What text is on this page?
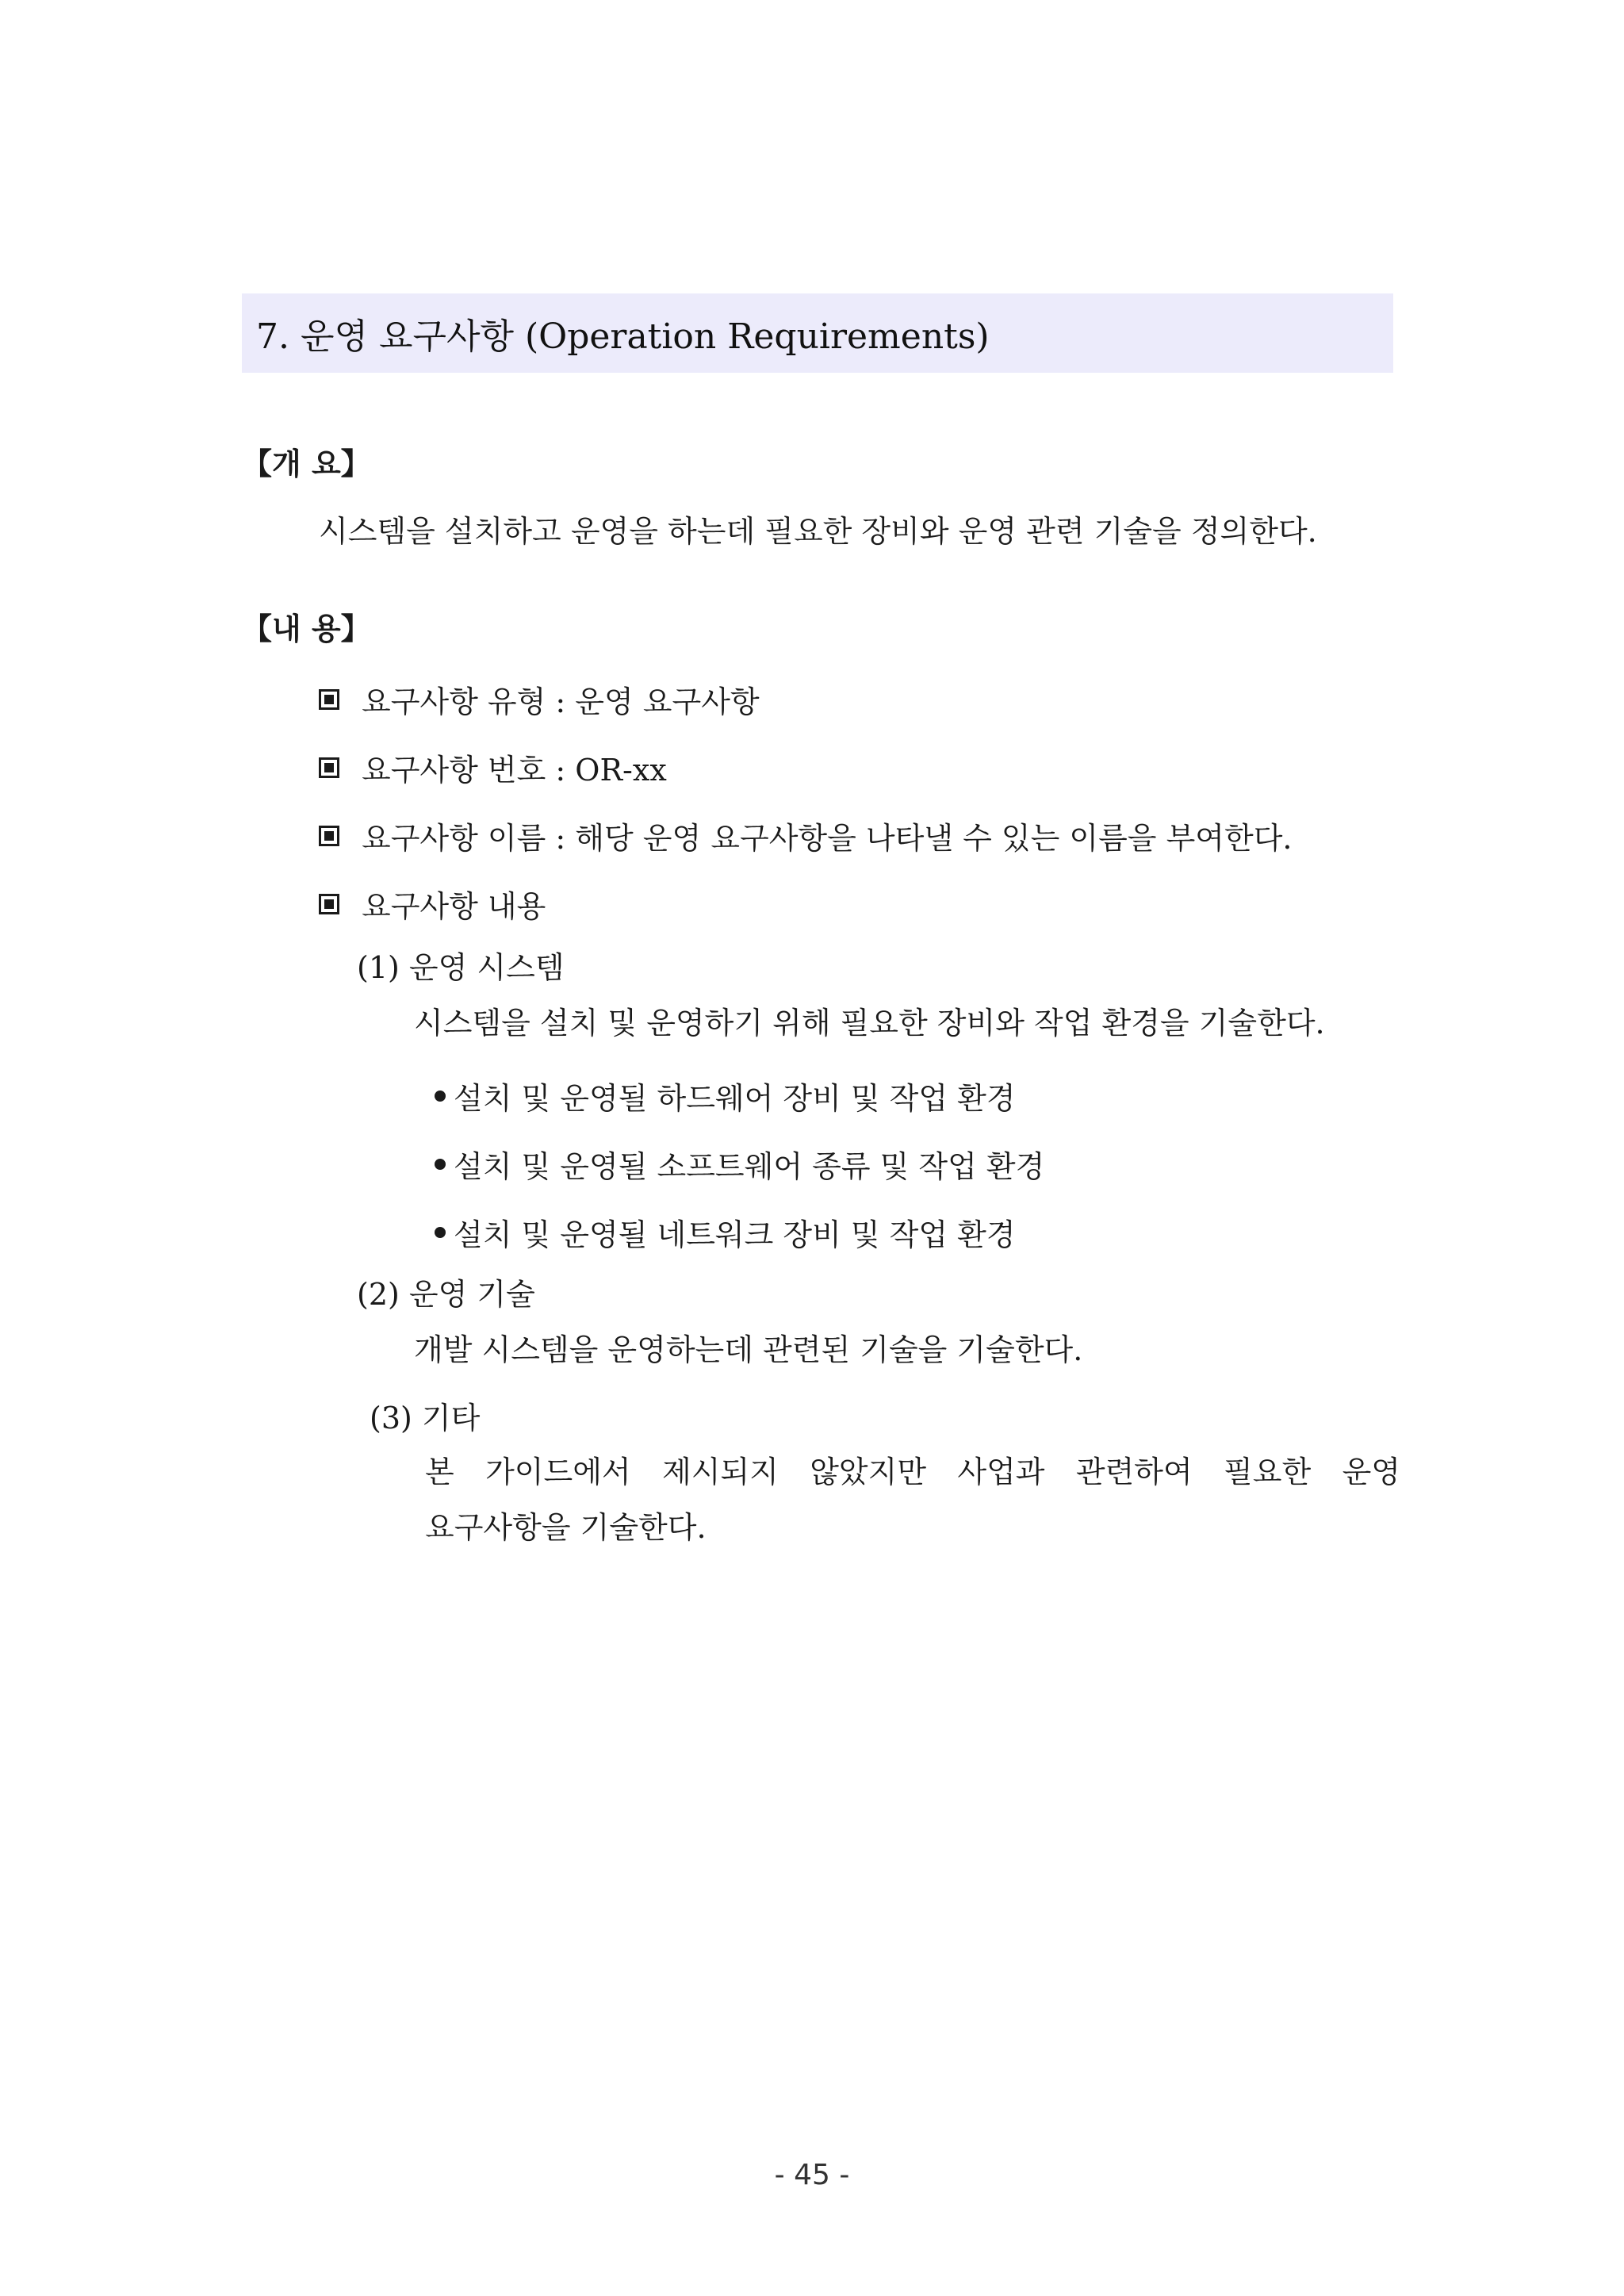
7. 운영 요구사항 (Operation Requirements)
【개 요】
시스템을 설치하고 운영을 하는데 필요한 장비와 운영 관련 기술을 정의한다.
【내 용】
요구사항 유형 : 운영 요구사항
요구사항 번호 : OR-xx
요구사항 이름 : 해당 운영 요구사항을 나타낼 수 있는 이름을 부여한다.
요구사항 내용
(1) 운영 시스템
시스템을 설치 및 운영하기 위해 필요한 장비와 작업 환경을 기술한다.
설치 및 운영될 하드웨어 장비 및 작업 환경
설치 및 운영될 소프트웨어 종류 및 작업 환경
설치 및 운영될 네트워크 장비 및 작업 환경
(2) 운영 기술
개발 시스템을 운영하는데 관련된 기술을 기술한다.
(3) 기타
본 가이드에서 제시되지 않았지만 사업과 관련하여 필요한 운영
요구사항을 기술한다.
- 45 -
